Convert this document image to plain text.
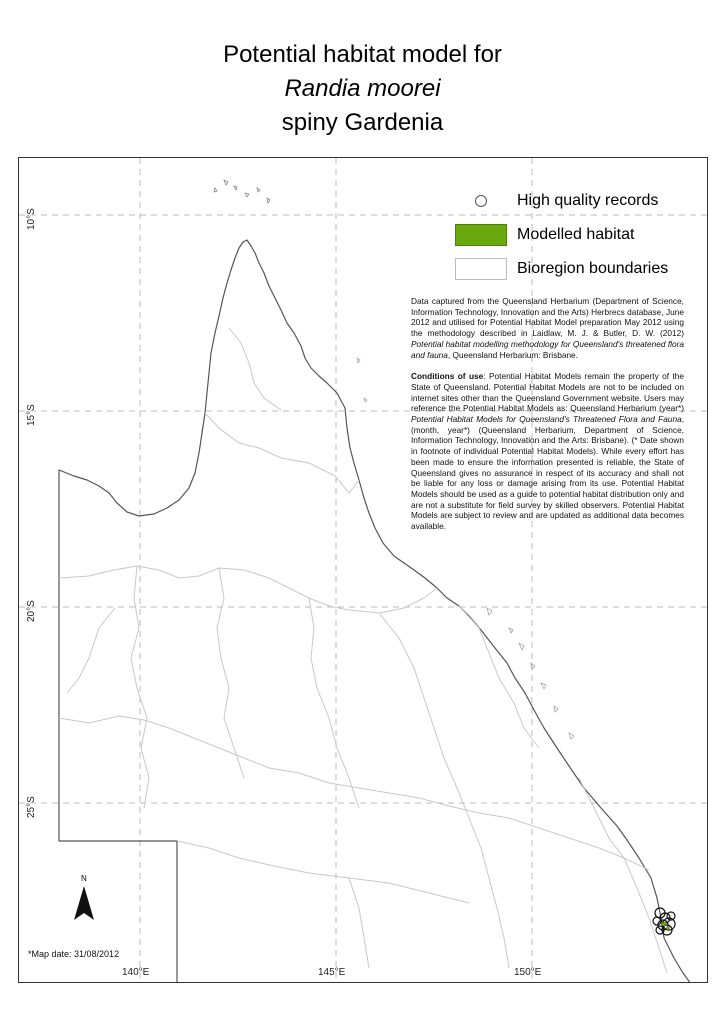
Potential habitat model for
Randia moorei
spiny Gardenia
10°S
15°S
20°S
25°S
140°E	145°E	150°E
High quality records
Modelled habitat
Bioregion boundaries

Data captured from the Queensland Herbarium (Department of Science, Information Technology, Innovation and the Arts) Herbrecs database, June 2012 and utilised for Potential Habitat Model preparation May 2012 using the methodology described in Laidlaw, M. J. & Butler, D. W. (2012) Potential habitat modelling methodology for Queensland's threatened flora and fauna, Queensland Herbarium: Brisbane.

Conditions of use: Potential Habitat Models remain the property of the State of Queensland. Potential Habitat Models are not to be included on internet sites other than the Queensland Government website. Users may reference the Potential Habitat Models as: Queensland Herbarium (year*) Potential Habitat Models for Queensland's Threatened Flora and Fauna, (month, year*) (Queensland Herbarium, Department of Science, Information Technology, Innovation and the Arts: Brisbane). (* Date shown in footnote of individual Potential Habitat Models). While every effort has been made to ensure the information presented is reliable, the State of Queensland gives no assurance in respect of its accuracy and shall not be liable for any loss or damage arising from its use. Potential Habitat Models should be used as a guide to potential habitat distribution only and are not a substitute for field survey by skilled observers. Potential Habitat Models are subject to review and are updated as additional data becomes available.

N
*Map date: 31/08/2012
